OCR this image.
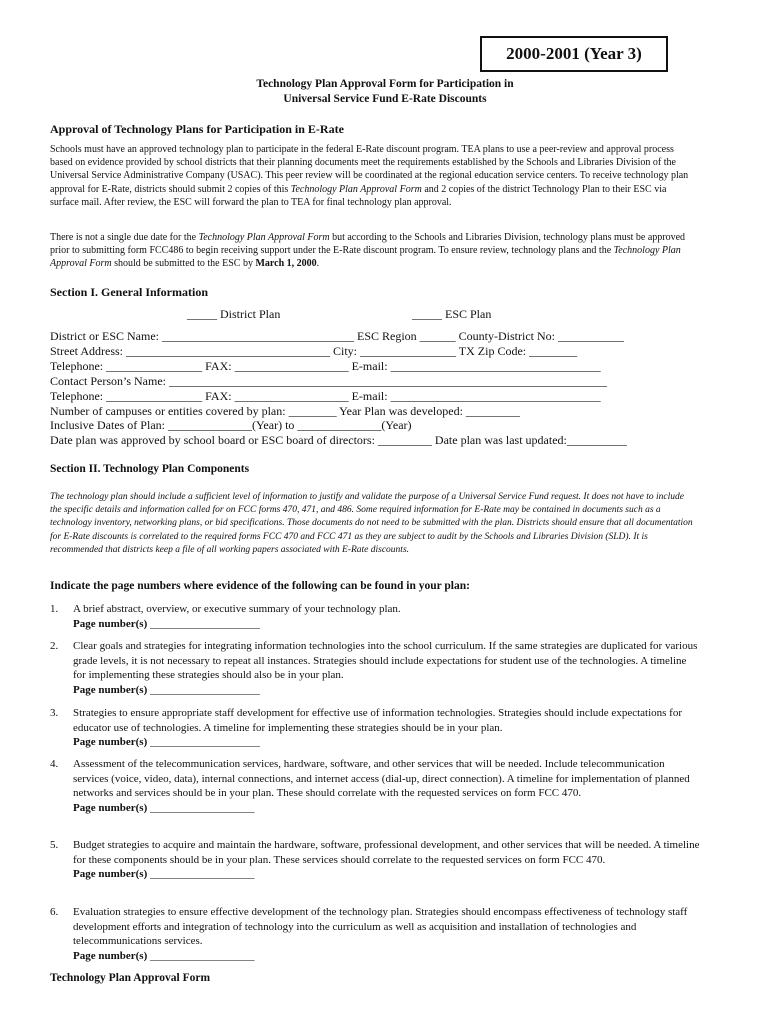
2000-2001 (Year 3)
Technology Plan Approval Form for Participation in
Universal Service Fund E-Rate Discounts
Approval of Technology Plans for Participation in E-Rate
Schools must have an approved technology plan to participate in the federal E-Rate discount program. TEA plans to use a peer-review and approval process based on evidence provided by school districts that their planning documents meet the requirements established by the Schools and Libraries Division of the Universal Service Administrative Company (USAC). This peer review will be coordinated at the regional education service centers. To receive technology plan approval for E-Rate, districts should submit 2 copies of this Technology Plan Approval Form and 2 copies of the district Technology Plan to their ESC via surface mail. After review, the ESC will forward the plan to TEA for final technology plan approval.
There is not a single due date for the Technology Plan Approval Form but according to the Schools and Libraries Division, technology plans must be approved prior to submitting form FCC486 to begin receiving support under the E-Rate discount program. To ensure review, technology plans and the Technology Plan Approval Form should be submitted to the ESC by March 1, 2000.
Section I. General Information
_____ District Plan	_____ ESC Plan
District or ESC Name: ________________________________ ESC Region ______ County-District No: ___________
Street Address: __________________________________ City: ________________ TX Zip Code: ________
Telephone: ________________ FAX: ___________________ E-mail: ___________________________________
Contact Person’s Name: _________________________________________________________________________
Telephone: ________________ FAX: ___________________ E-mail: ___________________________________
Number of campuses or entities covered by plan: ________ Year Plan was developed: _________
Inclusive Dates of Plan: ______________(Year) to ______________(Year)
Date plan was approved by school board or ESC board of directors: _________ Date plan was last updated:__________
Section II. Technology Plan Components
The technology plan should include a sufficient level of information to justify and validate the purpose of a Universal Service Fund request. It does not have to include the specific details and information called for on FCC forms 470, 471, and 486. Some required information for E-Rate may be contained in documents such as a technology inventory, networking plans, or bid specifications. Those documents do not need to be submitted with the plan. Districts should ensure that all documentation for E-Rate discounts is correlated to the required forms FCC 470 and FCC 471 as they are subject to audit by the Schools and Libraries Division (SLD). It is recommended that districts keep a file of all working papers associated with E-Rate discounts.
Indicate the page numbers where evidence of the following can be found in your plan:
1. A brief abstract, overview, or executive summary of your technology plan.
Page number(s) ____________________
2. Clear goals and strategies for integrating information technologies into the school curriculum. If the same strategies are duplicated for various grade levels, it is not necessary to repeat all instances. Strategies should include expectations for student use of the technologies. A timeline for implementing these strategies should also be in your plan.
Page number(s) ____________________
3. Strategies to ensure appropriate staff development for effective use of information technologies. Strategies should include expectations for educator use of technologies. A timeline for implementing these strategies should be in your plan.
Page number(s) ____________________
4. Assessment of the telecommunication services, hardware, software, and other services that will be needed. Include telecommunication services (voice, video, data), internal connections, and internet access (dial-up, direct connection). A timeline for implementation of planned networks and services should be in your plan. These should correlate with the requested services on form FCC 470.
Page number(s) ___________________
5. Budget strategies to acquire and maintain the hardware, software, professional development, and other services that will be needed. A timeline for these components should be in your plan. These services should correlate to the requested services on form FCC 470.
Page number(s) ___________________
6. Evaluation strategies to ensure effective development of the technology plan. Strategies should encompass effectiveness of technology staff development efforts and integration of technology into the curriculum as well as acquisition and installation of technologies and telecommunications services.
Page number(s) ___________________
Technology Plan Approval Form
